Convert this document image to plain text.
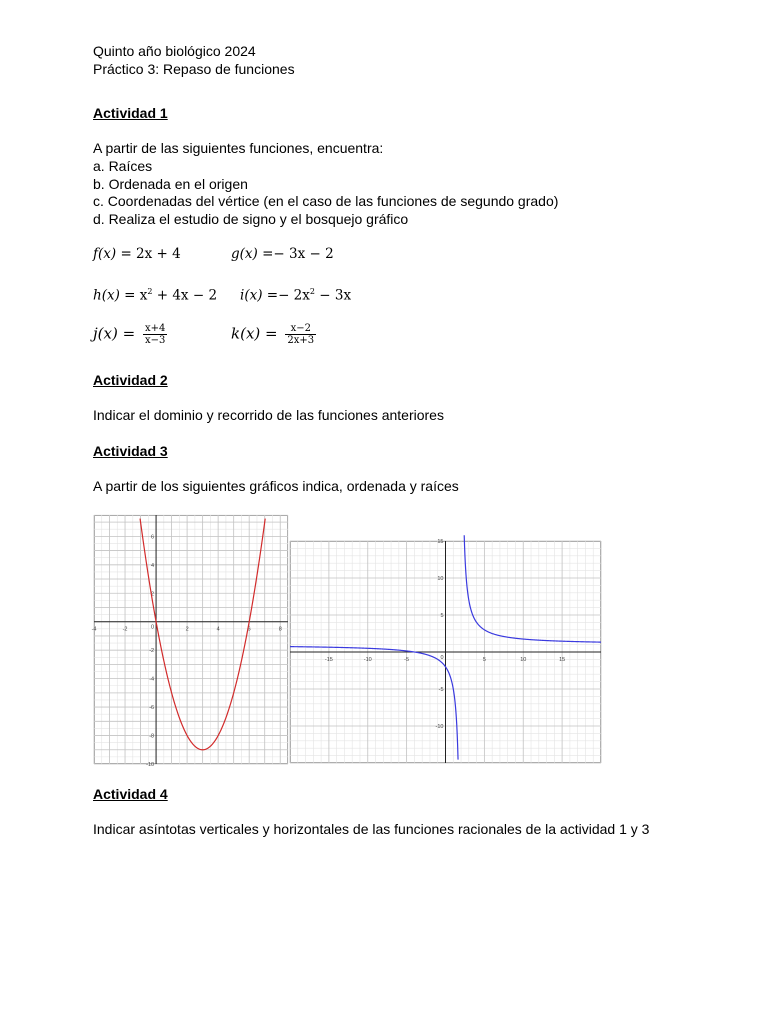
Quinto año biológico 2024
Práctico 3: Repaso de funciones
Actividad 1
A partir de las siguientes funciones, encuentra:
a. Raíces
b. Ordenada en el origen
c. Coordenadas del vértice (en el caso de las funciones de segundo grado)
d. Realiza el estudio de signo y el bosquejo gráfico
f(x) = 2x + 4	g(x) =− 3x − 2
$h(x) = x^2 + 4x - 2$ $i(x) =- 2x^2 - 3x$
$j(x) = \frac{x+4}{x-3}$	$k(x) = \frac{x-2}{2x+3}$
Actividad 2
Indicar el dominio y recorrido de las funciones anteriores
Actividad 3
A partir de los siguientes gráficos indica, ordenada y raíces
-4	-2	2	4	6	8
6
4
2
-2
-4
-6
-8
-10
0
-15	-10	-5	5	10	15
15
10
5
-5
-10
0
Actividad 4
Indicar asíntotas verticales y horizontales de las funciones racionales de la actividad 1 y 3
